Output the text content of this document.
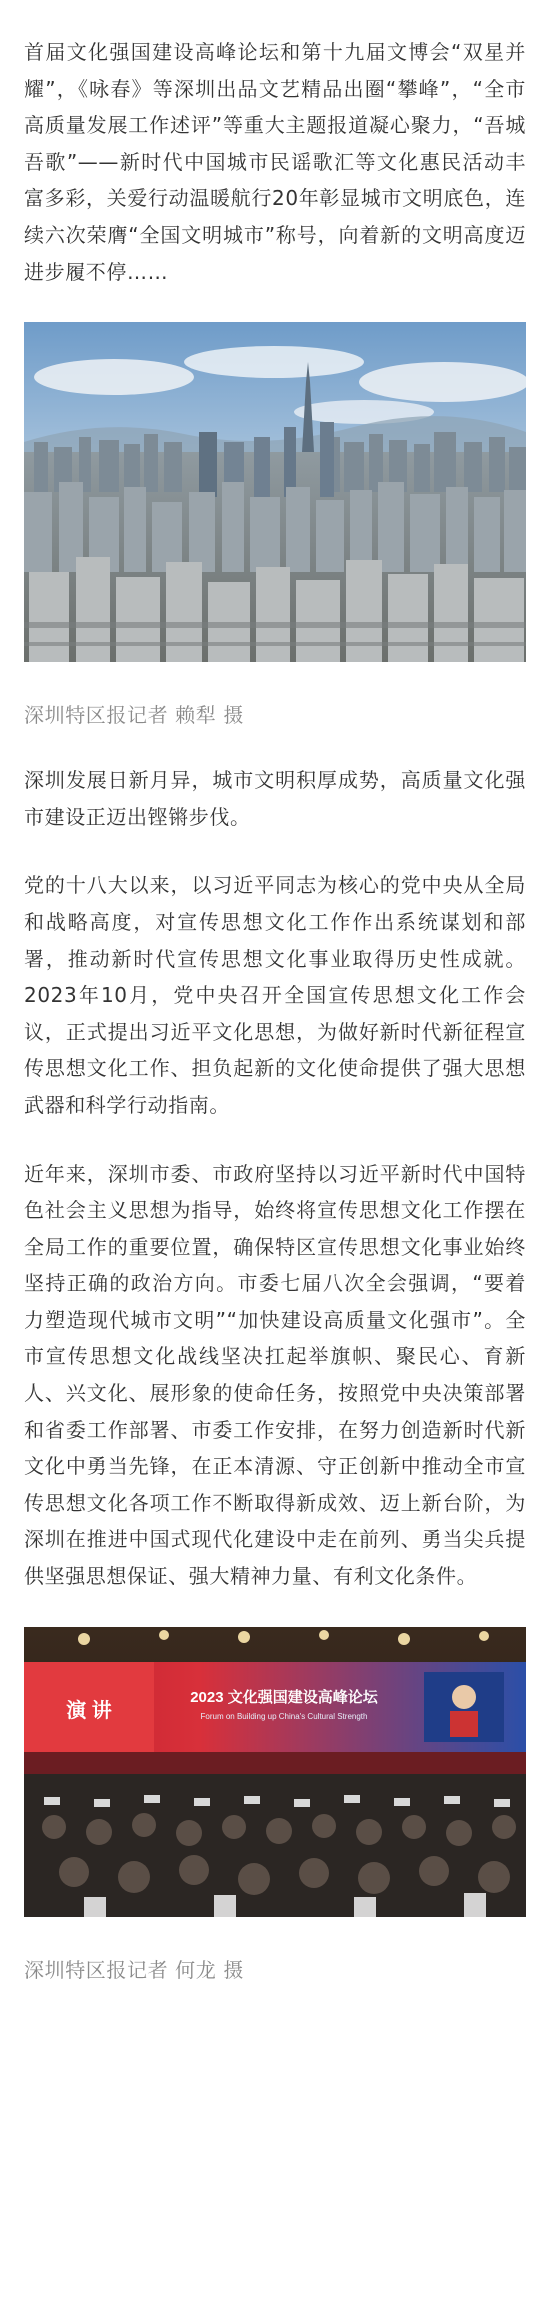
首届文化强国建设高峰论坛和第十九届文博会“双星并耀”，《咏春》等深圳出品文艺精品出圈“攀峰”，“全市高质量发展工作述评”等重大主题报道凝心聚力，“吾城吾歌”——新时代中国城市民谣歌汇等文化惠民活动丰富多彩，关爱行动温暖航行20年彰显城市文明底色，连续六次荣膺“全国文明城市”称号，向着新的文明高度迈进步履不停……

深圳特区报记者 赖犁 摄

深圳发展日新月异，城市文明积厚成势，高质量文化强市建设正迈出铿锵步伐。

党的十八大以来，以习近平同志为核心的党中央从全局和战略高度，对宣传思想文化工作作出系统谋划和部署，推动新时代宣传思想文化事业取得历史性成就。2023年10月，党中央召开全国宣传思想文化工作会议，正式提出习近平文化思想，为做好新时代新征程宣传思想文化工作、担负起新的文化使命提供了强大思想武器和科学行动指南。

近年来，深圳市委、市政府坚持以习近平新时代中国特色社会主义思想为指导，始终将宣传思想文化工作摆在全局工作的重要位置，确保特区宣传思想文化事业始终坚持正确的政治方向。市委七届八次全会强调，“要着力塑造现代城市文明”“加快建设高质量文化强市”。全市宣传思想文化战线坚决扛起举旗帜、聚民心、育新人、兴文化、展形象的使命任务，按照党中央决策部署和省委工作部署、市委工作安排，在努力创造新时代新文化中勇当先锋，在正本清源、守正创新中推动全市宣传思想文化各项工作不断取得新成效、迈上新台阶，为深圳在推进中国式现代化建设中走在前列、勇当尖兵提供坚强思想保证、强大精神力量、有利文化条件。

演 讲
2023 文化强国建设高峰论坛
Forum on Building up China's Cultural Strength
深圳特区报记者 何龙 摄
